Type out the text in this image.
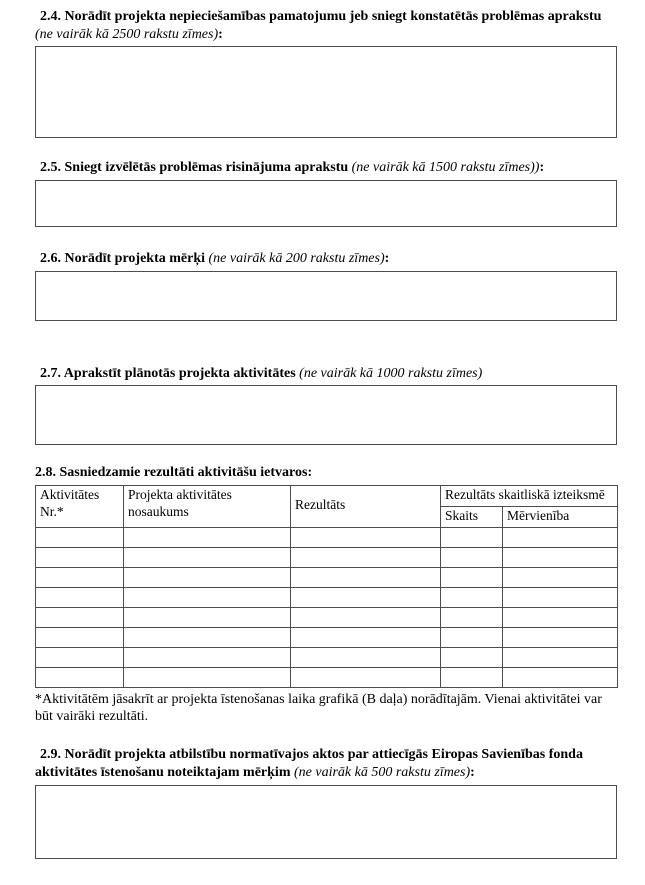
2.4. Norādīt projekta nepieciešamības pamatojumu jeb sniegt konstatētās problēmas aprakstu (ne vairāk kā 2500 rakstu zīmes):

2.5. Sniegt izvēlētās problēmas risinājuma aprakstu (ne vairāk kā 1500 rakstu zīmes)):

2.6. Norādīt projekta mērķi (ne vairāk kā 200 rakstu zīmes):

2.7. Aprakstīt plānotās projekta aktivitātes (ne vairāk kā 1000 rakstu zīmes)

2.8. Sasniedzamie rezultāti aktivitāšu ietvaros:

Aktivitātes Nr.*	Projekta aktivitātes nosaukums	Rezultāts	Rezultāts skaitliskā izteiksmē	
			Skaits	Mērvienība

*Aktivitātēm jāsakrīt ar projekta īstenošanas laika grafikā (B daļa) norādītajām. Vienai aktivitātei var būt vairāki rezultāti.

2.9. Norādīt projekta atbilstību normatīvajos aktos par attiecīgās Eiropas Savienības fonda aktivitātes īstenošanu noteiktajam mērķim (ne vairāk kā 500 rakstu zīmes):
